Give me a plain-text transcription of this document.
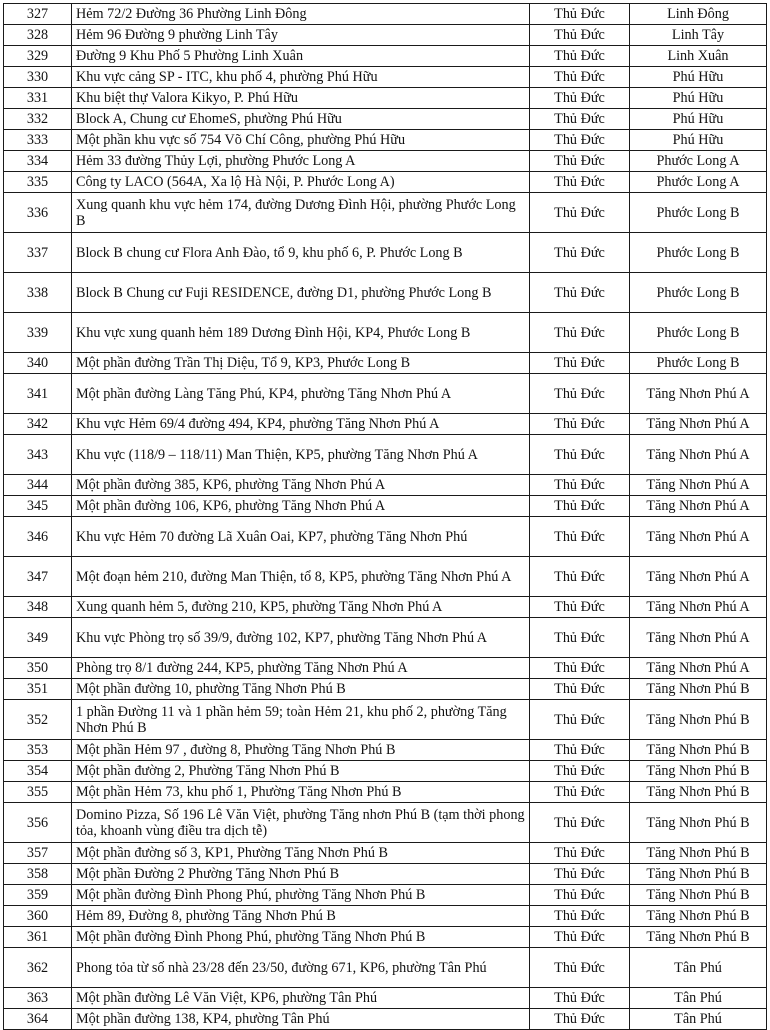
327	Hẻm 72/2 Đường 36 Phường Linh Đông	Thủ Đức	Linh Đông
328	Hẻm 96 Đường 9 phường Linh Tây	Thủ Đức	Linh Tây
329	Đường 9 Khu Phố 5 Phường Linh Xuân	Thủ Đức	Linh Xuân
330	Khu vực cảng SP - ITC, khu phố 4, phường Phú Hữu	Thủ Đức	Phú Hữu
331	Khu biệt thự Valora Kikyo, P. Phú Hữu	Thủ Đức	Phú Hữu
332	Block A, Chung cư EhomeS, phường Phú Hữu	Thủ Đức	Phú Hữu
333	Một phần khu vực số 754 Võ Chí Công, phường Phú Hữu	Thủ Đức	Phú Hữu
334	Hẻm 33 đường Thủy Lợi, phường Phước Long A	Thủ Đức	Phước Long A
335	Công ty LACO (564A, Xa lộ Hà Nội, P. Phước Long A)	Thủ Đức	Phước Long A
336	Xung quanh khu vực hẻm 174, đường Dương Đình Hội, phường Phước Long B	Thủ Đức	Phước Long B
337	Block B chung cư Flora Anh Đào, tổ 9, khu phố 6, P. Phước Long B	Thủ Đức	Phước Long B
338	Block B Chung cư Fuji RESIDENCE, đường D1, phường Phước Long B	Thủ Đức	Phước Long B
339	Khu vực xung quanh hẻm 189 Dương Đình Hội, KP4, Phước Long B	Thủ Đức	Phước Long B
340	Một phần đường Trần Thị Diệu, Tổ 9, KP3, Phước Long B	Thủ Đức	Phước Long B
341	Một phần đường Làng Tăng Phú, KP4, phường Tăng Nhơn Phú A	Thủ Đức	Tăng Nhơn Phú A
342	Khu vực Hẻm 69/4 đường 494, KP4, phường Tăng Nhơn Phú A	Thủ Đức	Tăng Nhơn Phú A
343	Khu vực (118/9 – 118/11) Man Thiện, KP5, phường Tăng Nhơn Phú A	Thủ Đức	Tăng Nhơn Phú A
344	Một phần đường 385, KP6, phường Tăng Nhơn Phú A	Thủ Đức	Tăng Nhơn Phú A
345	Một phần đường 106, KP6, phường Tăng Nhơn Phú A	Thủ Đức	Tăng Nhơn Phú A
346	Khu vực Hẻm 70 đường Lã Xuân Oai, KP7, phường Tăng Nhơn Phú	Thủ Đức	Tăng Nhơn Phú A
347	Một đoạn hẻm 210, đường Man Thiện, tổ 8, KP5, phường Tăng Nhơn Phú A	Thủ Đức	Tăng Nhơn Phú A
348	Xung quanh hẻm 5, đường 210, KP5, phường Tăng Nhơn Phú A	Thủ Đức	Tăng Nhơn Phú A
349	Khu vực Phòng trọ số 39/9, đường 102, KP7, phường Tăng Nhơn Phú A	Thủ Đức	Tăng Nhơn Phú A
350	Phòng trọ 8/1 đường 244, KP5, phường Tăng Nhơn Phú A	Thủ Đức	Tăng Nhơn Phú A
351	Một phần đường 10, phường Tăng Nhơn Phú B	Thủ Đức	Tăng Nhơn Phú B
352	1 phần Đường 11 và 1 phần hẻm 59; toàn Hẻm 21, khu phố 2, phường Tăng Nhơn Phú B	Thủ Đức	Tăng Nhơn Phú B
353	Một phần Hẻm 97 , đường 8, Phường Tăng Nhơn Phú B	Thủ Đức	Tăng Nhơn Phú B
354	Một phần đường 2, Phường Tăng Nhơn Phú B	Thủ Đức	Tăng Nhơn Phú B
355	Một phần Hẻm 73, khu phố 1, Phường Tăng Nhơn Phú B	Thủ Đức	Tăng Nhơn Phú B
356	Domino Pizza, Số 196 Lê Văn Việt, phường Tăng nhơn Phú B (tạm thời phong tỏa, khoanh vùng điều tra dịch tễ)	Thủ Đức	Tăng Nhơn Phú B
357	Một phần đường số 3, KP1, Phường Tăng Nhơn Phú B	Thủ Đức	Tăng Nhơn Phú B
358	Một phần Đường 2 Phường Tăng Nhơn Phú B	Thủ Đức	Tăng Nhơn Phú B
359	Một phần đường Đình Phong Phú, phường Tăng Nhơn Phú B	Thủ Đức	Tăng Nhơn Phú B
360	Hẻm 89, Đường 8, phường Tăng Nhơn Phú B	Thủ Đức	Tăng Nhơn Phú B
361	Một phần đường Đình Phong Phú, phường Tăng Nhơn Phú B	Thủ Đức	Tăng Nhơn Phú B
362	Phong tỏa từ số nhà 23/28 đến 23/50, đường 671, KP6, phường Tân Phú	Thủ Đức	Tân Phú
363	Một phần đường Lê Văn Việt, KP6, phường Tân Phú	Thủ Đức	Tân Phú
364	Một phần đường 138, KP4, phường Tân Phú	Thủ Đức	Tân Phú
